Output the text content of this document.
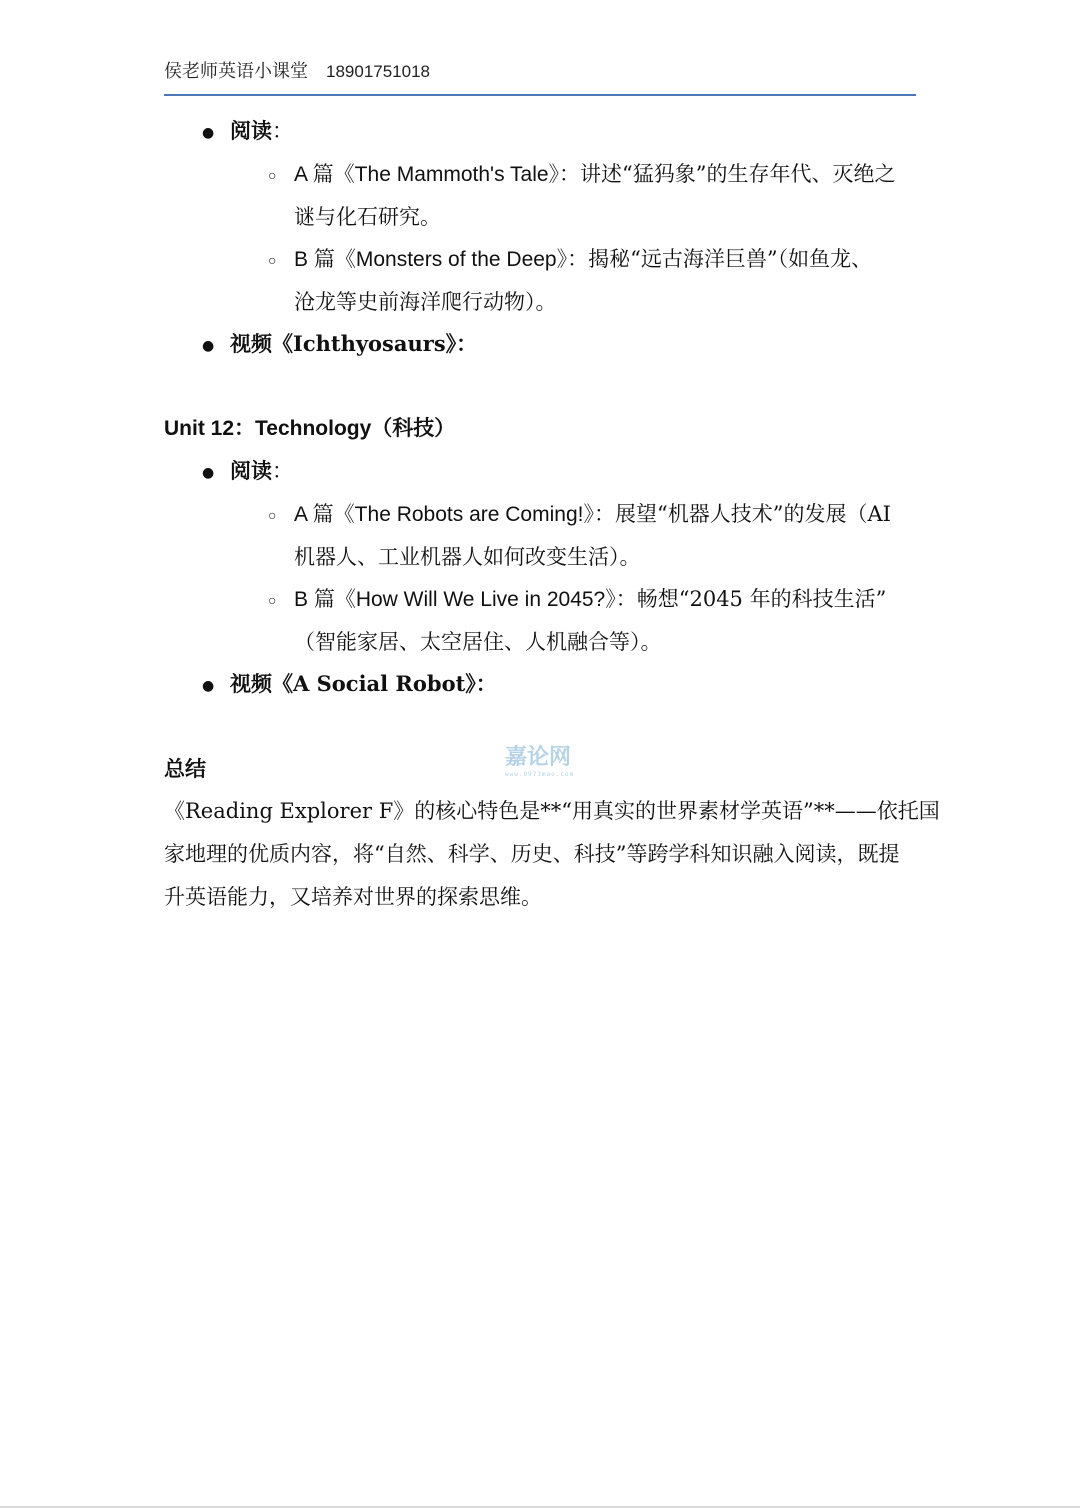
侯老师英语小课堂 18901751018
● 阅读：
○ A 篇《The Mammoth's Tale》：讲述“猛犸象”的生存年代、灭绝之
谜与化石研究。
○ B 篇《Monsters of the Deep》：揭秘“远古海洋巨兽”（如鱼龙、
沧龙等史前海洋爬行动物）。
● 视频《Ichthyosaurs》：
Unit 12：Technology（科技）
● 阅读：
○ A 篇《The Robots are Coming!》：展望“机器人技术”的发展（AI
机器人、工业机器人如何改变生活）。
○ B 篇《How Will We Live in 2045?》：畅想“2045 年的科技生活”
（智能家居、太空居住、人机融合等）。
● 视频《A Social Robot》：
总结
《Reading Explorer F》的核心特色是**“用真实的世界素材学英语”**——依托国
家地理的优质内容，将“自然、科学、历史、科技”等跨学科知识融入阅读，既提
升英语能力，又培养对世界的探索思维。
嘉论网
www.9973mao.com
